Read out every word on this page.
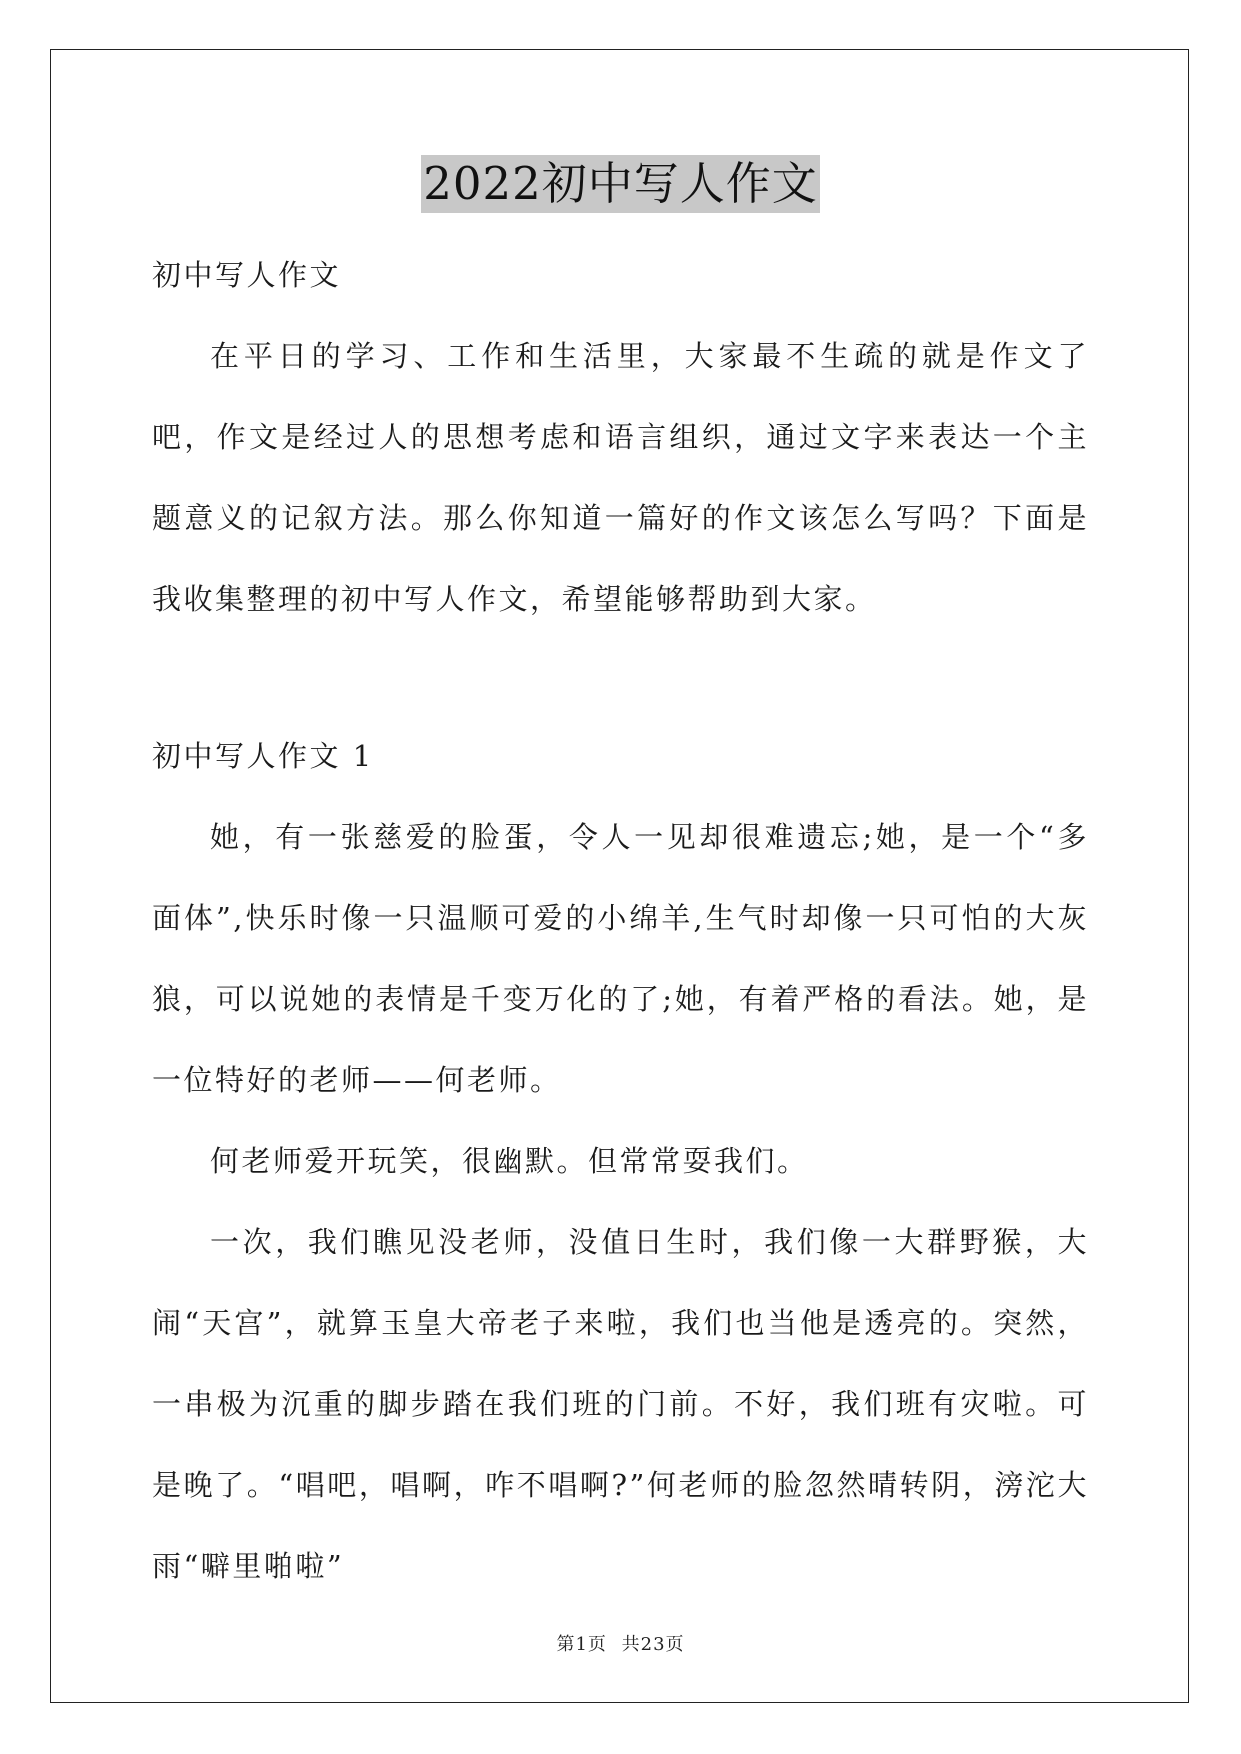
2022初中写人作文

初中写人作文

在平日的学习、工作和生活里，大家最不生疏的就是作文了吧，作文是经过人的思想考虑和语言组织，通过文字来表达一个主题意义的记叙方法。那么你知道一篇好的作文该怎么写吗？下面是我收集整理的初中写人作文，希望能够帮助到大家。

初中写人作文 1

她，有一张慈爱的脸蛋，令人一见却很难遗忘;她，是一个“多面体”,快乐时像一只温顺可爱的小绵羊,生气时却像一只可怕的大灰狼，可以说她的表情是千变万化的了;她，有着严格的看法。她，是一位特好的老师——何老师。

何老师爱开玩笑，很幽默。但常常耍我们。

一次，我们瞧见没老师，没值日生时，我们像一大群野猴，大闹“天宫”，就算玉皇大帝老子来啦，我们也当他是透亮的。突然，一串极为沉重的脚步踏在我们班的门前。不好，我们班有灾啦。可是晚了。“唱吧，唱啊，咋不唱啊?”何老师的脸忽然晴转阴，滂沱大雨“噼里啪啦”

第1页 共23页
